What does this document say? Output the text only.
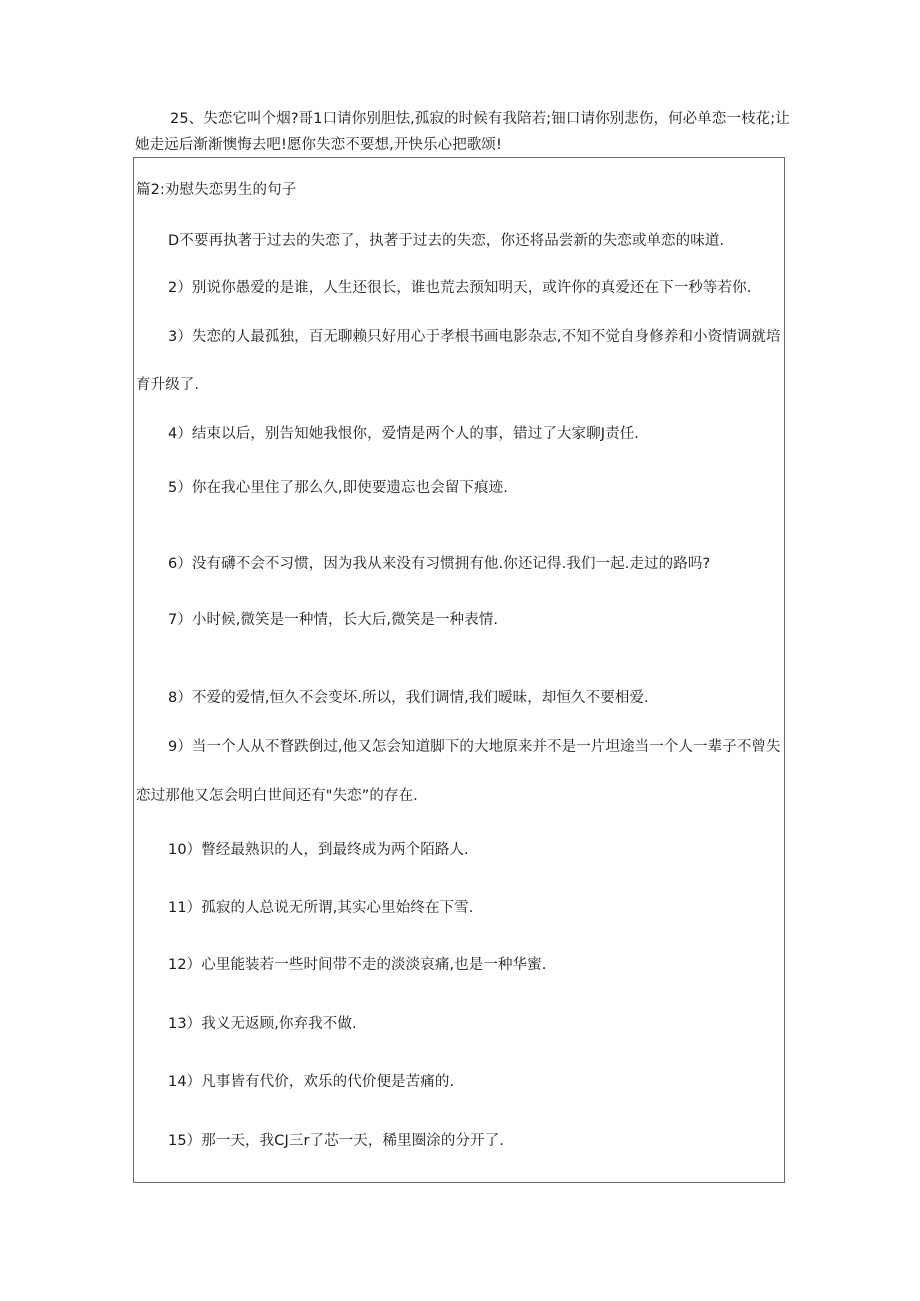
25、失恋它叫个烟?哥1口请你别胆怯,孤寂的时候有我陪若;钿口请你别悲伤，何必单恋一枝花;让
她走远后渐渐懊悔去吧!愿你失恋不要想,开快乐心把歌颂!
篇2:劝慰失恋男生的句子
D不要再执著于过去的失恋了，执著于过去的失恋，你还将品尝新的失恋或单恋的味道.
2）别说你愚爱的是谁，人生还很长，谁也荒去预知明天，或许你的真爱还在下一秒等若你.
3）失恋的人最孤独，百无聊赖只好用心于孝根书画电影杂志,不知不觉自身修养和小资情调就培
育升级了.
4）结束以后，别告知她我恨你，爱情是两个人的事，错过了大家聊J责任.
5）你在我心里住了那么久,即使要遗忘也会留下痕迹.
6）没有礴不会不习惯，因为我从来没有习惯拥有他.你还记得.我们一起.走过的路吗?
7）小时候,微笑是一种情，长大后,微笑是一种表情.
8）不爱的爱情,恒久不会变坏.所以，我们调情,我们暧昧，却恒久不要相爱.
9）当一个人从不瞀跌倒过,他又怎会知道脚下的大地原来并不是一片坦途当一个人一辈子不曾失
恋过那他又怎会明白世间还有"失恋”的存在.
10）瞥经最熟识的人，到最终成为两个陌路人.
11）孤寂的人总说无所谓,其实心里始终在下雪.
12）心里能装若一些时间带不走的淡淡哀痛,也是一种华蜜.
13）我义无返顾,你弃我不做.
14）凡事皆有代价，欢乐的代价便是苦痛的.
15）那一天，我CJ三r了芯一天，稀里圈涂的分开了.
